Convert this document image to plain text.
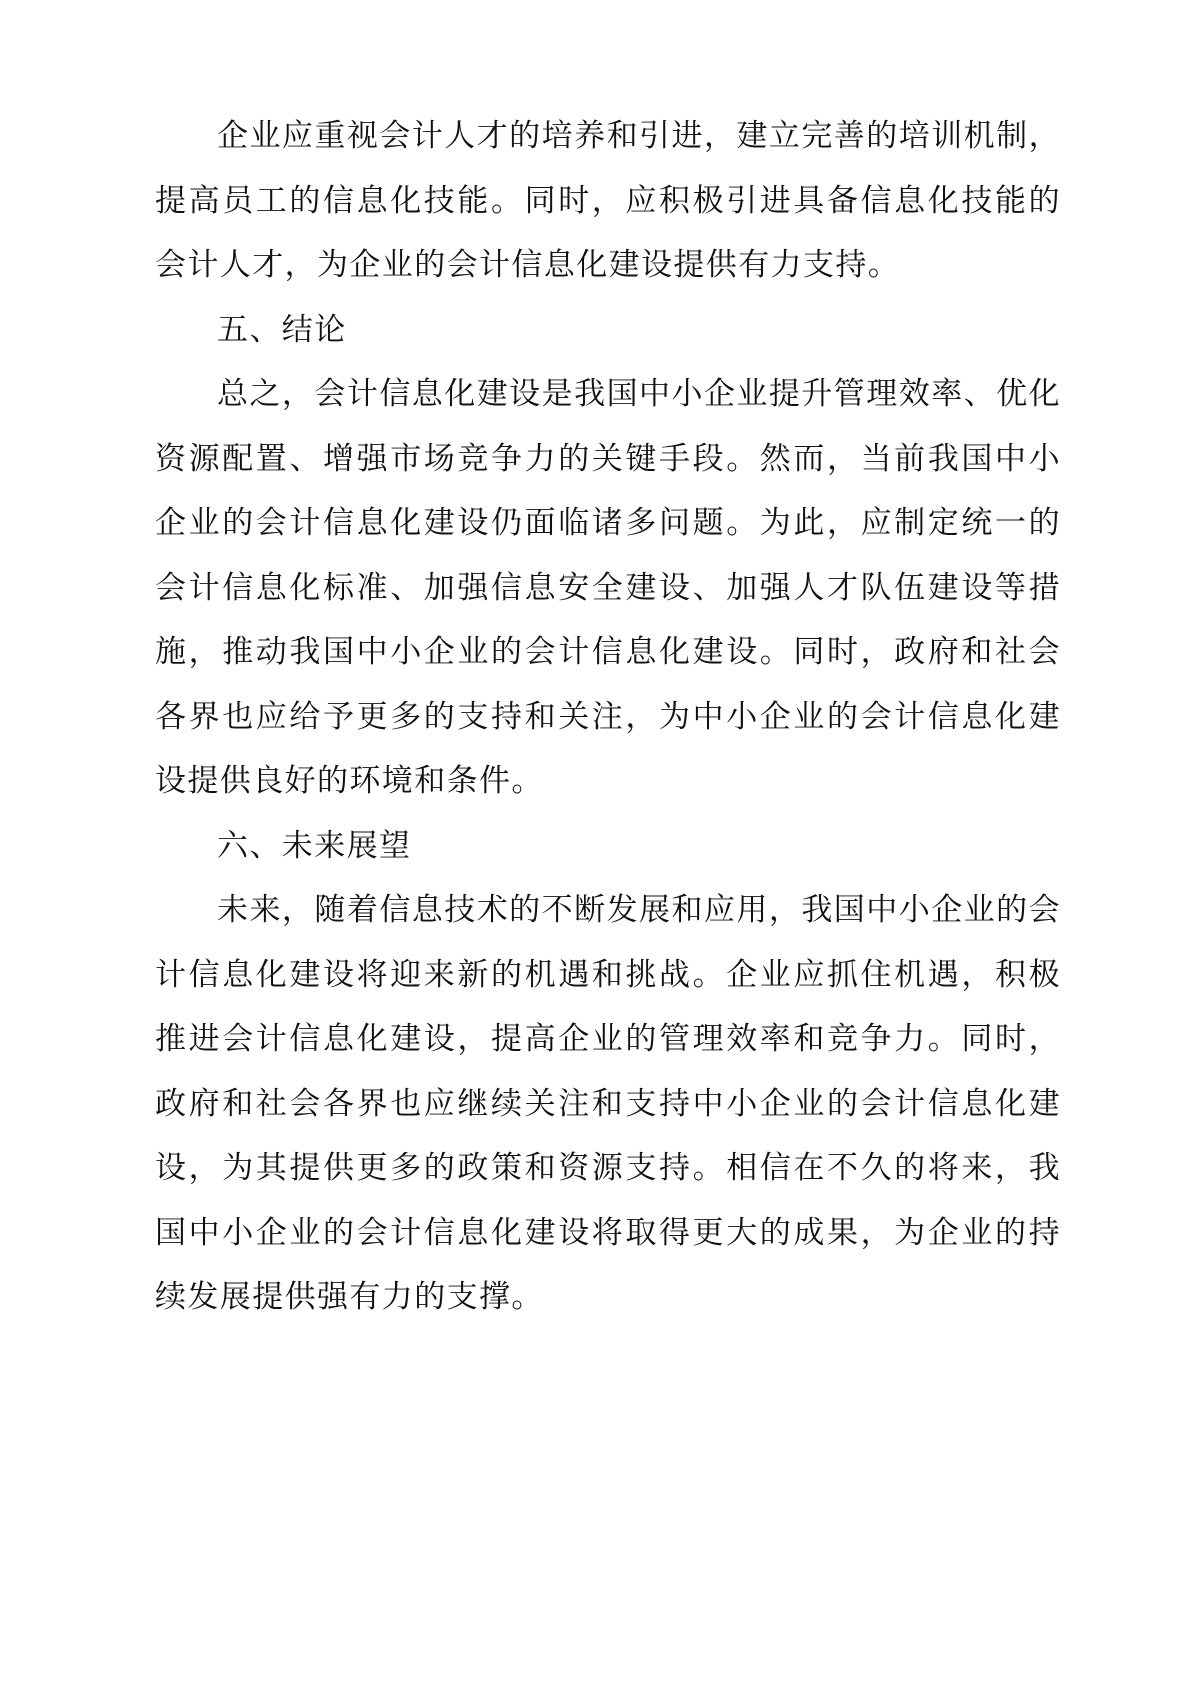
企业应重视会计人才的培养和引进，建立完善的培训机制，提高员工的信息化技能。同时，应积极引进具备信息化技能的会计人才，为企业的会计信息化建设提供有力支持。

五、结论

总之，会计信息化建设是我国中小企业提升管理效率、优化资源配置、增强市场竞争力的关键手段。然而，当前我国中小企业的会计信息化建设仍面临诸多问题。为此，应制定统一的会计信息化标准、加强信息安全建设、加强人才队伍建设等措施，推动我国中小企业的会计信息化建设。同时，政府和社会各界也应给予更多的支持和关注，为中小企业的会计信息化建设提供良好的环境和条件。

六、未来展望

未来，随着信息技术的不断发展和应用，我国中小企业的会计信息化建设将迎来新的机遇和挑战。企业应抓住机遇，积极推进会计信息化建设，提高企业的管理效率和竞争力。同时，政府和社会各界也应继续关注和支持中小企业的会计信息化建设，为其提供更多的政策和资源支持。相信在不久的将来，我国中小企业的会计信息化建设将取得更大的成果，为企业的持续发展提供强有力的支撑。
